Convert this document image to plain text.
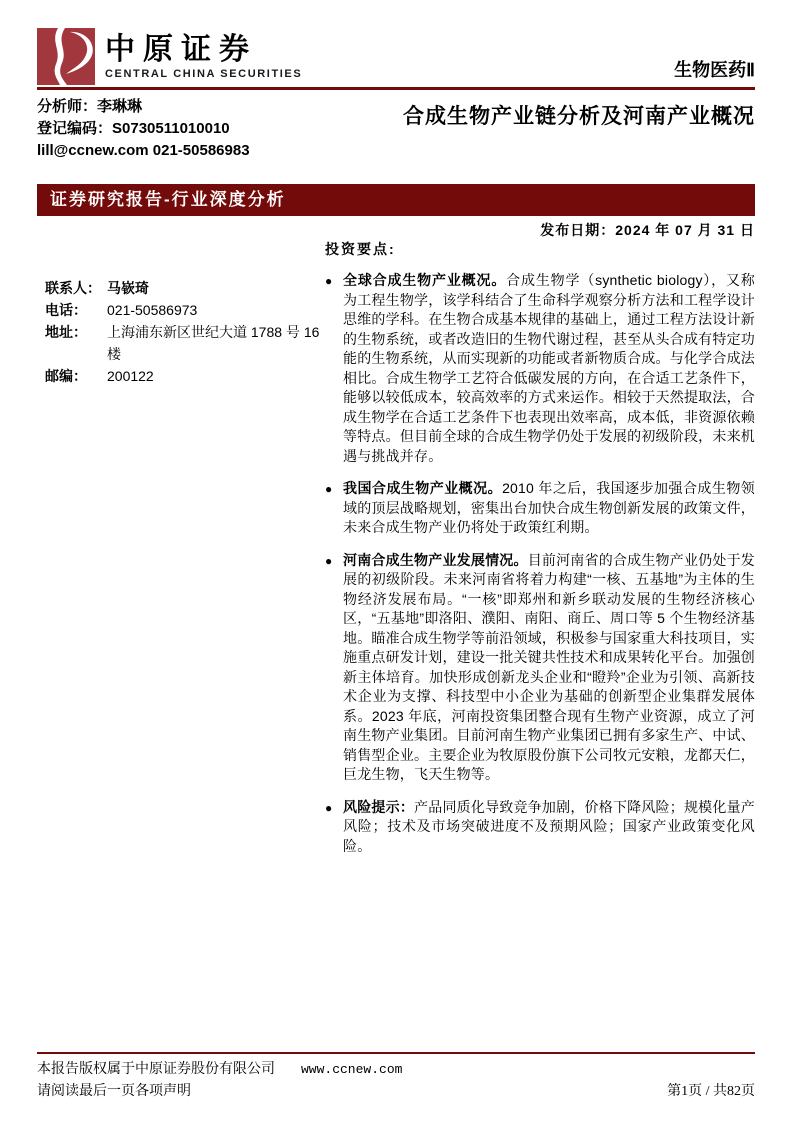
中原证券
CENTRAL CHINA SECURITIES	生物医药Ⅱ
分析师：李琳琳
登记编码：S0730511010010
lill@ccnew.com 021-50586983
合成生物产业链分析及河南产业概况
证券研究报告-行业深度分析
发布日期：2024 年 07 月 31 日
联系人： 马嵚琦
电话：	021-50586973
地址：	上海浦东新区世纪大道 1788 号 16 楼
邮编：	200122
投资要点:
● 全球合成生物产业概况。合成生物学（synthetic biology），又称为工程生物学，该学科结合了生命科学观察分析方法和工程学设计思维的学科。在生物合成基本规律的基础上，通过工程方法设计新的生物系统，或者改造旧的生物代谢过程，甚至从头合成有特定功能的生物系统，从而实现新的功能或者新物质合成。与化学合成法相比。合成生物学工艺符合低碳发展的方向，在合适工艺条件下，能够以较低成本，较高效率的方式来运作。相较于天然提取法，合成生物学在合适工艺条件下也表现出效率高，成本低，非资源依赖等特点。但目前全球的合成生物学仍处于发展的初级阶段，未来机遇与挑战并存。
● 我国合成生物产业概况。2010 年之后，我国逐步加强合成生物领域的顶层战略规划，密集出台加快合成生物创新发展的政策文件，未来合成生物产业仍将处于政策红利期。
● 河南合成生物产业发展情况。目前河南省的合成生物产业仍处于发展的初级阶段。未来河南省将着力构建“一核、五基地”为主体的生物经济发展布局。“一核”即郑州和新乡联动发展的生物经济核心区，“五基地”即洛阳、濮阳、南阳、商丘、周口等 5 个生物经济基地。瞄准合成生物学等前沿领域，积极参与国家重大科技项目，实施重点研发计划，建设一批关键共性技术和成果转化平台。加强创新主体培育。加快形成创新龙头企业和“瞪羚”企业为引领、高新技术企业为支撑、科技型中小企业为基础的创新型企业集群发展体系。2023 年底，河南投资集团整合现有生物产业资源，成立了河南生物产业集团。目前河南生物产业集团已拥有多家生产、中试、销售型企业。主要企业为牧原股份旗下公司牧元安粮，龙都天仁，巨龙生物，飞天生物等。
● 风险提示：产品同质化导致竞争加剧，价格下降风险；规模化量产风险；技术及市场突破进度不及预期风险；国家产业政策变化风险。
本报告版权属于中原证券股份有限公司 www.ccnew.com
请阅读最后一页各项声明	第1页 / 共82页
